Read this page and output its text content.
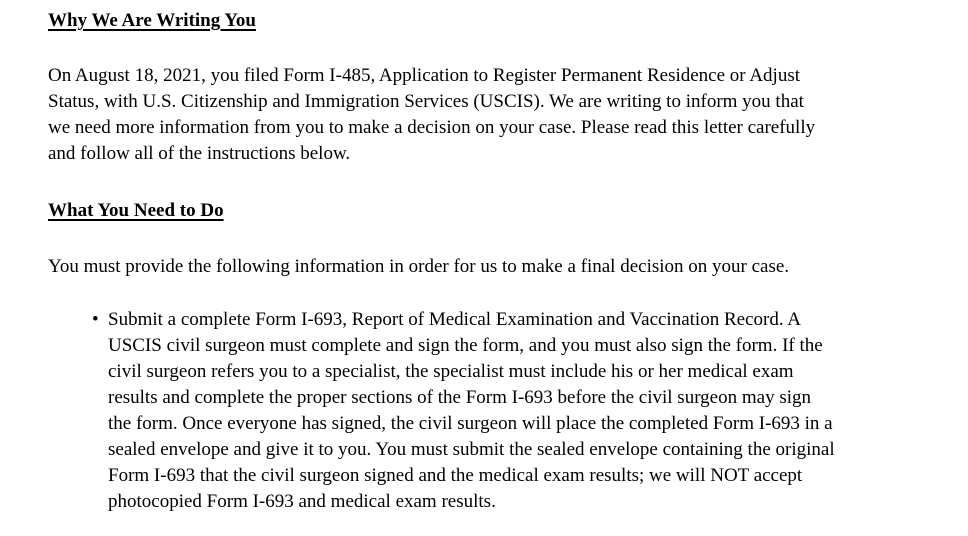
Why We Are Writing You
On August 18, 2021, you filed Form I-485, Application to Register Permanent Residence or Adjust
Status, with U.S. Citizenship and Immigration Services (USCIS). We are writing to inform you that
we need more information from you to make a decision on your case. Please read this letter carefully
and follow all of the instructions below.
What You Need to Do
You must provide the following information in order for us to make a final decision on your case.
• Submit a complete Form I-693, Report of Medical Examination and Vaccination Record. A
USCIS civil surgeon must complete and sign the form, and you must also sign the form. If the
civil surgeon refers you to a specialist, the specialist must include his or her medical exam
results and complete the proper sections of the Form I-693 before the civil surgeon may sign
the form. Once everyone has signed, the civil surgeon will place the completed Form I-693 in a
sealed envelope and give it to you. You must submit the sealed envelope containing the original
Form I-693 that the civil surgeon signed and the medical exam results; we will NOT accept
photocopied Form I-693 and medical exam results.
